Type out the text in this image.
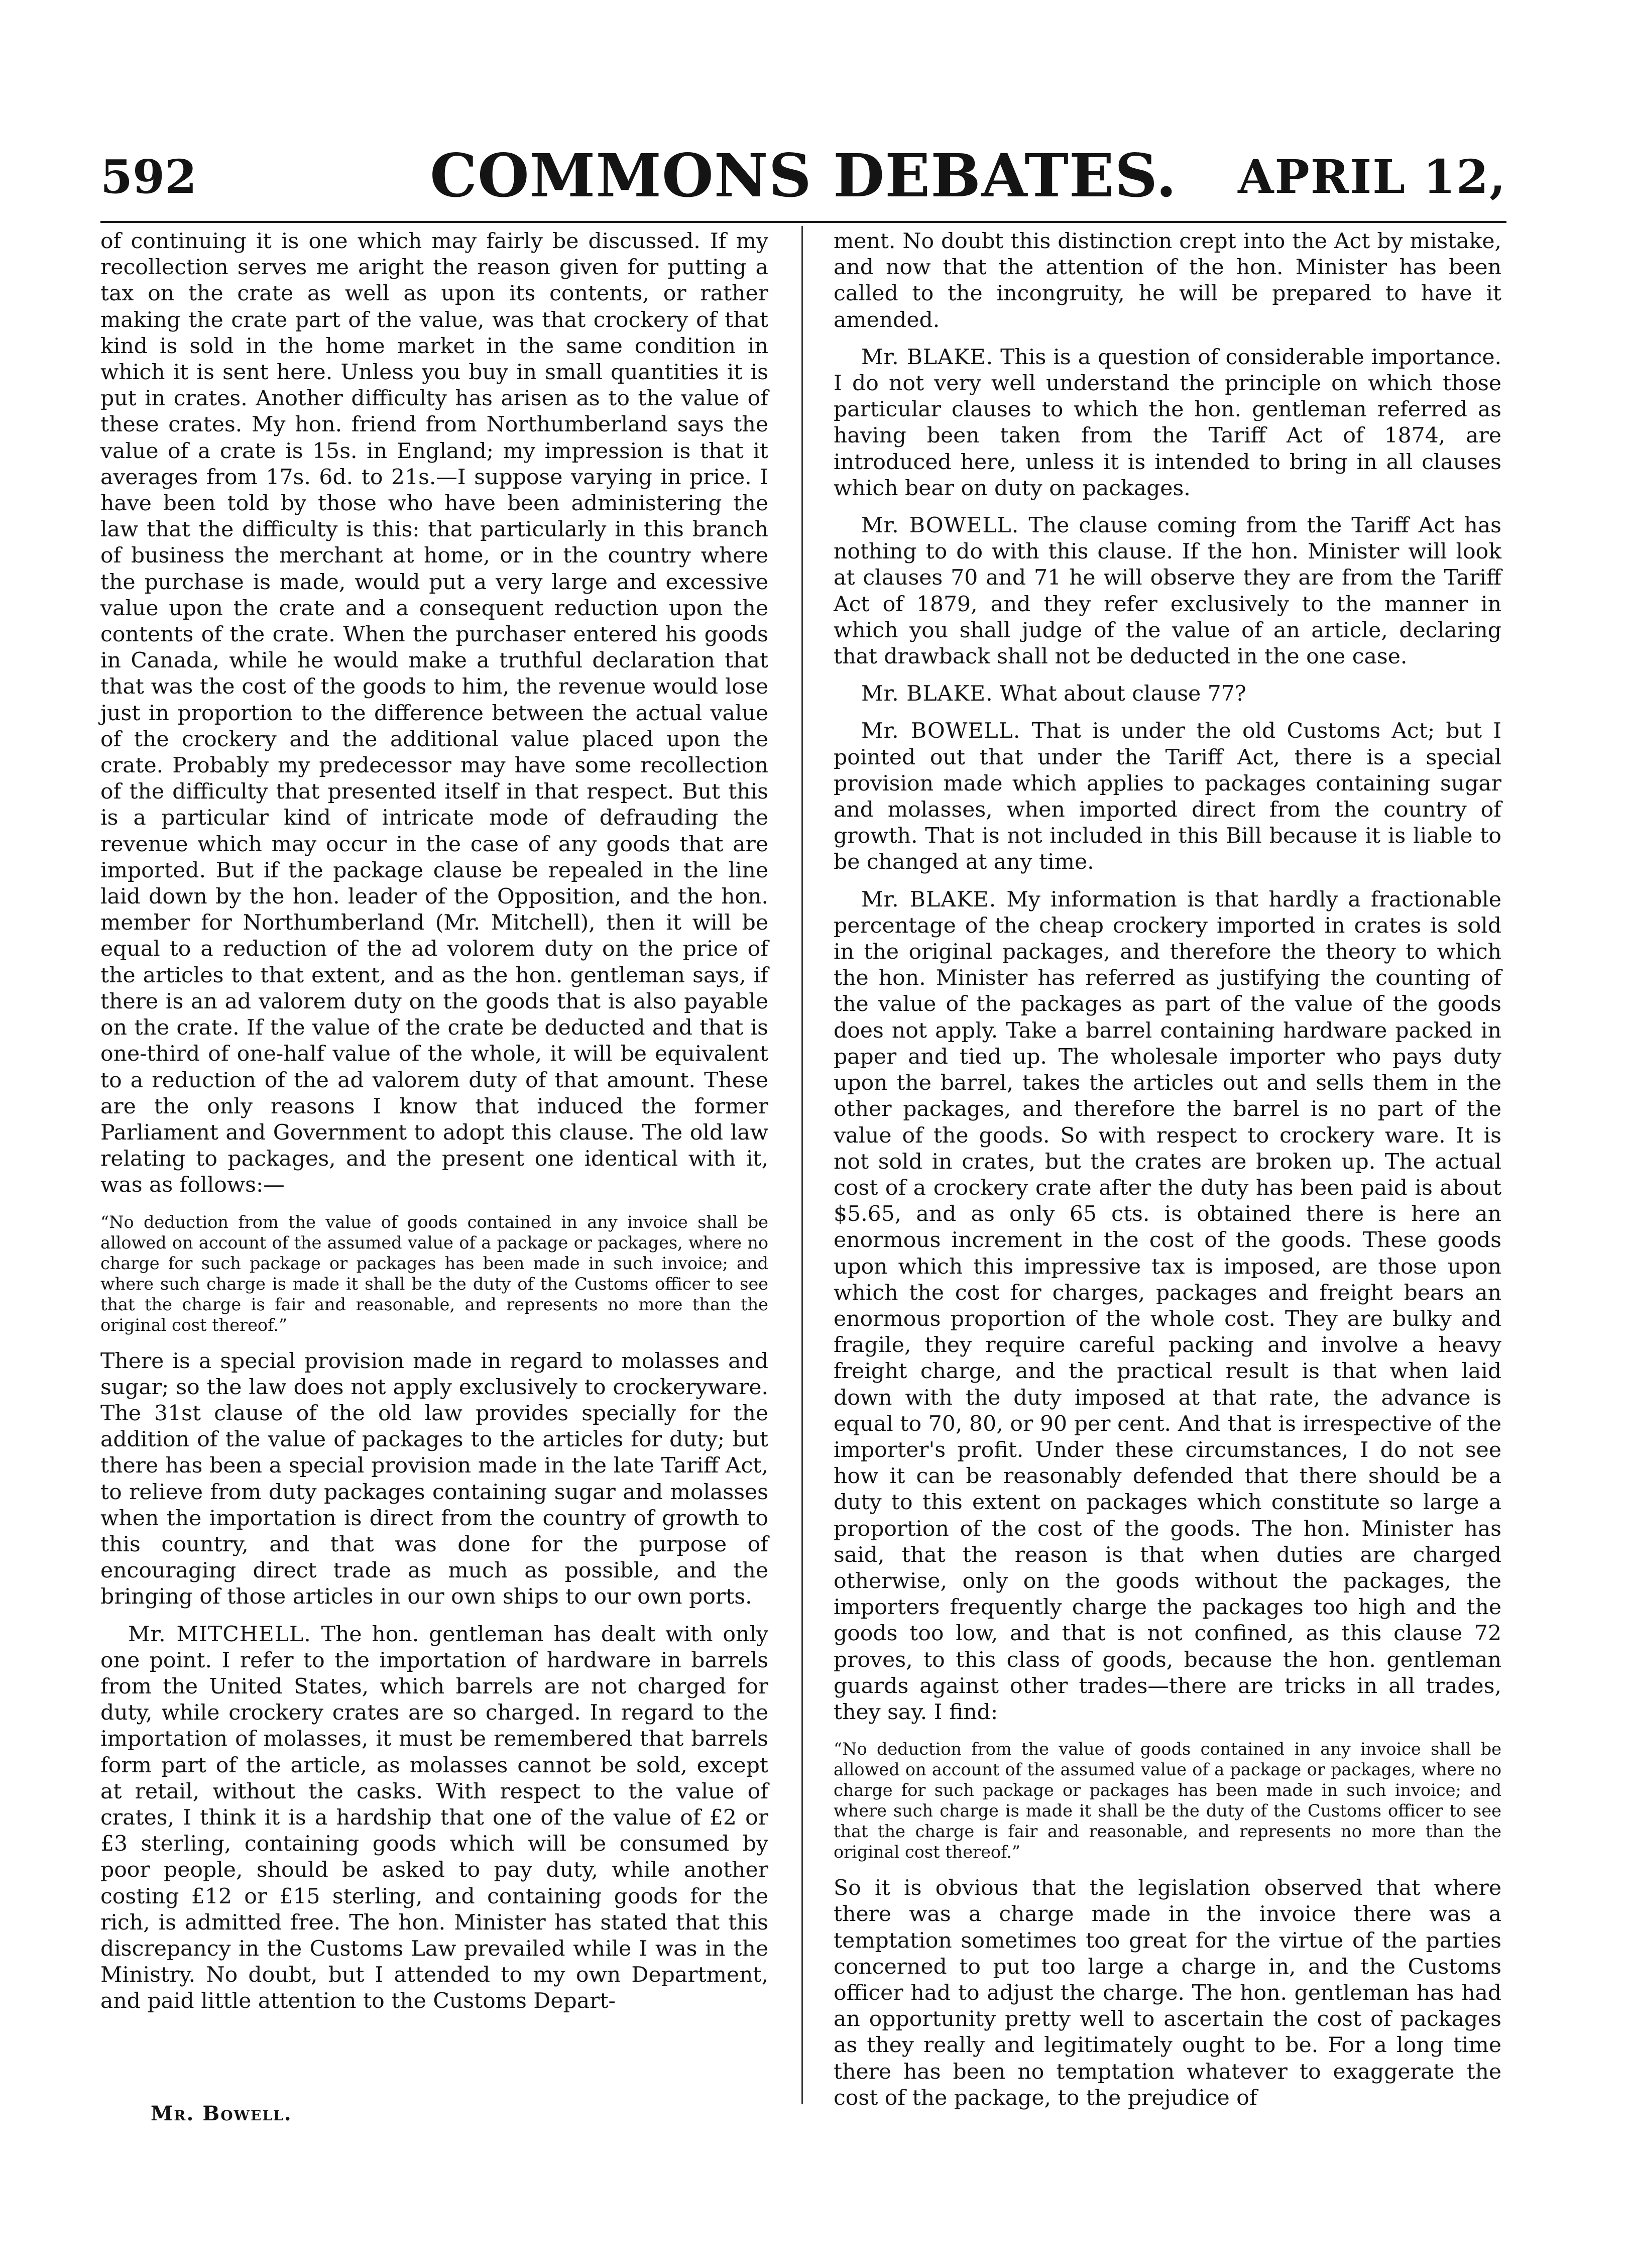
592	COMMONS DEBATES.	APRIL 12,

of continuing it is one which may fairly be discussed. If my recollection serves me aright the reason given for putting a tax on the crate as well as upon its contents, or rather making the crate part of the value, was that crockery of that kind is sold in the home market in the same condition in which it is sent here. Unless you buy in small quantities it is put in crates. Another difficulty has arisen as to the value of these crates. My hon. friend from Northumberland says the value of a crate is 15s. in England; my impression is that it averages from 17s. 6d. to 21s.—I suppose varying in price. I have been told by those who have been administering the law that the difficulty is this: that particularly in this branch of business the merchant at home, or in the country where the purchase is made, would put a very large and excessive value upon the crate and a consequent reduction upon the contents of the crate. When the purchaser entered his goods in Canada, while he would make a truthful declaration that that was the cost of the goods to him, the revenue would lose just in proportion to the difference between the actual value of the crockery and the additional value placed upon the crate. Probably my predecessor may have some recollection of the difficulty that presented itself in that respect. But this is a particular kind of intricate mode of defrauding the revenue which may occur in the case of any goods that are imported. But if the package clause be repealed in the line laid down by the hon. leader of the Opposition, and the hon. member for Northumberland (Mr. Mitchell), then it will be equal to a reduction of the ad volorem duty on the price of the articles to that extent, and as the hon. gentleman says, if there is an ad valorem duty on the goods that is also payable on the crate. If the value of the crate be deducted and that is one-third of one-half value of the whole, it will be equivalent to a reduction of the ad valorem duty of that amount. These are the only reasons I know that induced the former Parliament and Government to adopt this clause. The old law relating to packages, and the present one identical with it, was as follows:—

“No deduction from the value of goods contained in any invoice shall be allowed on account of the assumed value of a package or packages, where no charge for such package or packages has been made in such invoice; and where such charge is made it shall be the duty of the Customs officer to see that the charge is fair and reasonable, and represents no more than the original cost thereof.”

There is a special provision made in regard to molasses and sugar; so the law does not apply exclusively to crockeryware. The 31st clause of the old law provides specially for the addition of the value of packages to the articles for duty; but there has been a special provision made in the late Tariff Act, to relieve from duty packages containing sugar and molasses when the importation is direct from the country of growth to this country, and that was done for the purpose of encouraging direct trade as much as possible, and the bringing of those articles in our own ships to our own ports.

Mr. MITCHELL. The hon. gentleman has dealt with only one point. I refer to the importation of hardware in barrels from the United States, which barrels are not charged for duty, while crockery crates are so charged. In regard to the importation of molasses, it must be remembered that barrels form part of the article, as molasses cannot be sold, except at retail, without the casks. With respect to the value of crates, I think it is a hardship that one of the value of £2 or £3 sterling, containing goods which will be consumed by poor people, should be asked to pay duty, while another costing £12 or £15 sterling, and containing goods for the rich, is admitted free. The hon. Minister has stated that this discrepancy in the Customs Law prevailed while I was in the Ministry. No doubt, but I attended to my own Department, and paid little attention to the Customs Depart-

Mr. Bowell.

ment. No doubt this distinction crept into the Act by mistake, and now that the attention of the hon. Minister has been called to the incongruity, he will be prepared to have it amended.

Mr. BLAKE. This is a question of considerable importance. I do not very well understand the principle on which those particular clauses to which the hon. gentleman referred as having been taken from the Tariff Act of 1874, are introduced here, unless it is intended to bring in all clauses which bear on duty on packages.

Mr. BOWELL. The clause coming from the Tariff Act has nothing to do with this clause. If the hon. Minister will look at clauses 70 and 71 he will observe they are from the Tariff Act of 1879, and they refer exclusively to the manner in which you shall judge of the value of an article, declaring that drawback shall not be deducted in the one case.

Mr. BLAKE. What about clause 77?

Mr. BOWELL. That is under the old Customs Act; but I pointed out that under the Tariff Act, there is a special provision made which applies to packages containing sugar and molasses, when imported direct from the country of growth. That is not included in this Bill because it is liable to be changed at any time.

Mr. BLAKE. My information is that hardly a fractionable percentage of the cheap crockery imported in crates is sold in the original packages, and therefore the theory to which the hon. Minister has referred as justifying the counting of the value of the packages as part of the value of the goods does not apply. Take a barrel containing hardware packed in paper and tied up. The wholesale importer who pays duty upon the barrel, takes the articles out and sells them in the other packages, and therefore the barrel is no part of the value of the goods. So with respect to crockery ware. It is not sold in crates, but the crates are broken up. The actual cost of a crockery crate after the duty has been paid is about $5.65, and as only 65 cts. is obtained there is here an enormous increment in the cost of the goods. These goods upon which this impressive tax is imposed, are those upon which the cost for charges, packages and freight bears an enormous proportion of the whole cost. They are bulky and fragile, they require careful packing and involve a heavy freight charge, and the practical result is that when laid down with the duty imposed at that rate, the advance is equal to 70, 80, or 90 per cent. And that is irrespective of the importer's profit. Under these circumstances, I do not see how it can be reasonably defended that there should be a duty to this extent on packages which constitute so large a proportion of the cost of the goods. The hon. Minister has said, that the reason is that when duties are charged otherwise, only on the goods without the packages, the importers frequently charge the packages too high and the goods too low, and that is not confined, as this clause 72 proves, to this class of goods, because the hon. gentleman guards against other trades—there are tricks in all trades, they say. I find:

“No deduction from the value of goods contained in any invoice shall be allowed on account of the assumed value of a package or packages, where no charge for such package or packages has been made in such invoice; and where such charge is made it shall be the duty of the Customs officer to see that the charge is fair and reasonable, and represents no more than the original cost thereof.”

So it is obvious that the legislation observed that where there was a charge made in the invoice there was a temptation sometimes too great for the virtue of the parties concerned to put too large a charge in, and the Customs officer had to adjust the charge. The hon. gentleman has had an opportunity pretty well to ascertain the cost of packages as they really and legitimately ought to be. For a long time there has been no temptation whatever to exaggerate the cost of the package, to the prejudice of
